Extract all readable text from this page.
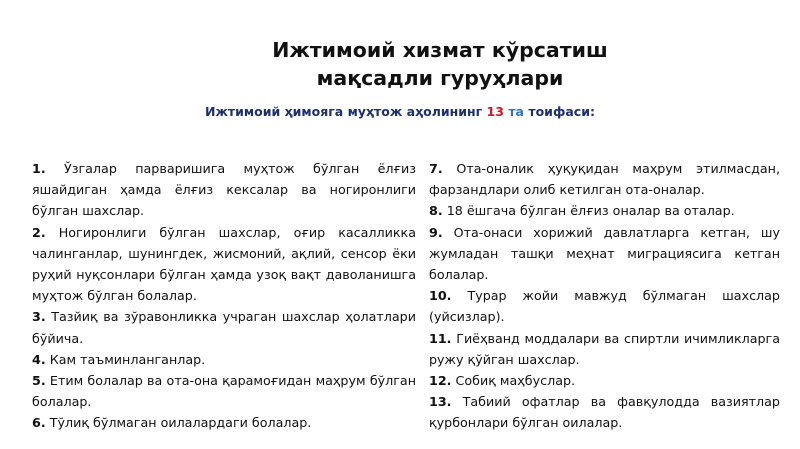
Ижтимоий хизмат кўрсатиш
мақсадли гуруҳлари
Ижтимоий ҳимояга муҳтож аҳолининг 13 та тоифаси:

1. Ўзгалар парваришига муҳтож бўлган ёлғиз яшайдиган ҳамда ёлғиз кексалар ва ногиронлиги бўлган шахслар.

2. Ногиронлиги бўлган шахслар, оғир касалликка чалинганлар, шунингдек, жисмоний, ақлий, сенсор ёки руҳий нуқсонлари бўлган ҳамда узоқ вақт даволанишга муҳтож бўлган болалар.

3. Тазйиқ ва зўравонликка учраган шахслар ҳолатлари бўйича.

4. Кам таъминланганлар.

5. Етим болалар ва ота-она қарамоғидан маҳрум бўлган болалар.

6. Тўлиқ бўлмаган оилалардаги болалар.

7. Ота-оналик ҳуқуқидан маҳрум этилмасдан, фарзандлари олиб кетилган ота-оналар.

8. 18 ёшгача бўлган ёлғиз оналар ва оталар.

9. Ота-онаси хорижий давлатларга кетган, шу жумладан ташқи меҳнат миграциясига кетган болалар.

10. Турар жойи мавжуд бўлмаган шахслар (уйсизлар).

11. Гиёҳванд моддалари ва спиртли ичимликларга ружу қўйган шахслар.

12. Собиқ маҳбуслар.

13. Табиий офатлар ва фавқулодда вазиятлар қурбонлари бўлган оилалар.
